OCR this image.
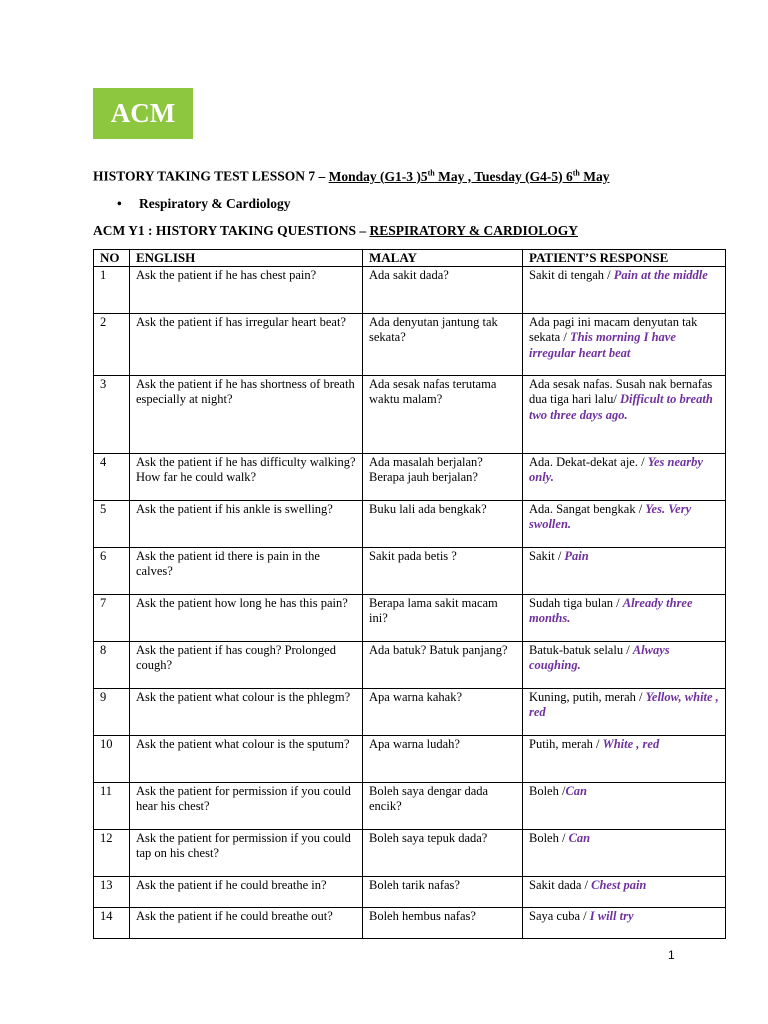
ACM
HISTORY TAKING TEST LESSON 7 – Monday (G1-3 )5th May , Tuesday (G4-5) 6th May
• Respiratory & Cardiology
ACM Y1 : HISTORY TAKING QUESTIONS – RESPIRATORY & CARDIOLOGY
NO	ENGLISH	MALAY	PATIENT’S RESPONSE
1	Ask the patient if he has chest pain?	Ada sakit dada?	Sakit di tengah / Pain at the middle
2	Ask the patient if has irregular heart beat?	Ada denyutan jantung tak sekata?	Ada pagi ini macam denyutan tak sekata / This morning I have irregular heart beat
3	Ask the patient if he has shortness of breath especially at night?	Ada sesak nafas terutama waktu malam?	Ada sesak nafas. Susah nak bernafas dua tiga hari lalu/ Difficult to breath two three days ago.
4	Ask the patient if he has difficulty walking? How far he could walk?	Ada masalah berjalan? Berapa jauh berjalan?	Ada. Dekat-dekat aje. / Yes nearby only.
5	Ask the patient if his ankle is swelling?	Buku lali ada bengkak?	Ada. Sangat bengkak / Yes. Very swollen.
6	Ask the patient id there is pain in the calves?	Sakit pada betis ?	Sakit / Pain
7	Ask the patient how long he has this pain?	Berapa lama sakit macam ini?	Sudah tiga bulan / Already three months.
8	Ask the patient if has cough? Prolonged cough?	Ada batuk? Batuk panjang?	Batuk-batuk selalu / Always coughing.
9	Ask the patient what colour is the phlegm?	Apa warna kahak?	Kuning, putih, merah / Yellow, white , red
10	Ask the patient what colour is the sputum?	Apa warna ludah?	Putih, merah / White , red
11	Ask the patient for permission if you could hear his chest?	Boleh saya dengar dada encik?	Boleh /Can
12	Ask the patient for permission if you could tap on his chest?	Boleh saya tepuk dada?	Boleh / Can
13	Ask the patient if he could breathe in?	Boleh tarik nafas?	Sakit dada / Chest pain
14	Ask the patient if he could breathe out?	Boleh hembus nafas?	Saya cuba / I will try
1
